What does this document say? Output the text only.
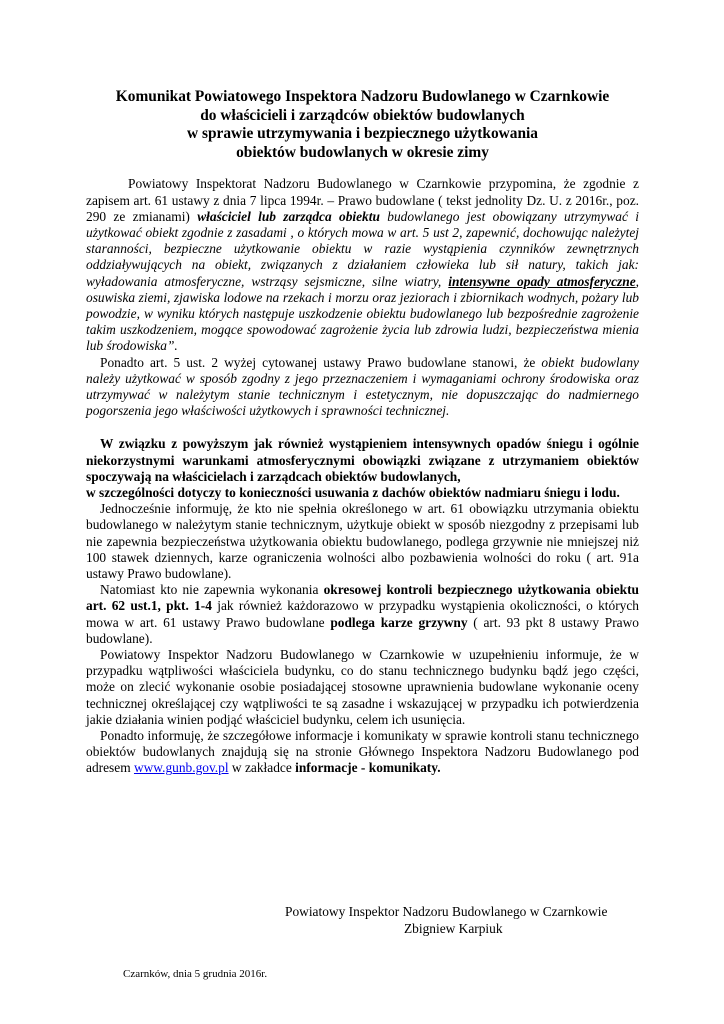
Komunikat Powiatowego Inspektora Nadzoru Budowlanego w Czarnkowie
do właścicieli i zarządców obiektów budowlanych
w sprawie utrzymywania i bezpiecznego użytkowania
obiektów budowlanych w okresie zimy

Powiatowy Inspektorat Nadzoru Budowlanego w Czarnkowie przypomina, że zgodnie z zapisem art. 61 ustawy z dnia 7 lipca 1994r. – Prawo budowlane ( tekst jednolity Dz. U. z 2016r., poz. 290 ze zmianami) właściciel lub zarządca obiektu budowlanego jest obowiązany utrzymywać i użytkować obiekt zgodnie z zasadami , o których mowa w art. 5 ust 2, zapewnić, dochowując należytej staranności, bezpieczne użytkowanie obiektu w razie wystąpienia czynników zewnętrznych oddziaływujących na obiekt, związanych z działaniem człowieka lub sił natury, takich jak: wyładowania atmosferyczne, wstrząsy sejsmiczne, silne wiatry, intensywne opady atmosferyczne, osuwiska ziemi, zjawiska lodowe na rzekach i morzu oraz jeziorach i zbiornikach wodnych, pożary lub powodzie, w wyniku których następuje uszkodzenie obiektu budowlanego lub bezpośrednie zagrożenie takim uszkodzeniem, mogące spowodować zagrożenie życia lub zdrowia ludzi, bezpieczeństwa mienia lub środowiska”.

Ponadto art. 5 ust. 2 wyżej cytowanej ustawy Prawo budowlane stanowi, że obiekt budowlany należy użytkować w sposób zgodny z jego przeznaczeniem i wymaganiami ochrony środowiska oraz utrzymywać w należytym stanie technicznym i estetycznym, nie dopuszczając do nadmiernego pogorszenia jego właściwości użytkowych i sprawności technicznej.

W związku z powyższym jak również wystąpieniem intensywnych opadów śniegu i ogólnie niekorzystnymi warunkami atmosferycznymi obowiązki związane z utrzymaniem obiektów spoczywają na właścicielach i zarządcach obiektów budowlanych,

w szczególności dotyczy to konieczności usuwania z dachów obiektów nadmiaru śniegu i lodu.

Jednocześnie informuję, że kto nie spełnia określonego w art. 61 obowiązku utrzymania obiektu budowlanego w należytym stanie technicznym, użytkuje obiekt w sposób niezgodny z przepisami lub nie zapewnia bezpieczeństwa użytkowania obiektu budowlanego, podlega grzywnie nie mniejszej niż 100 stawek dziennych, karze ograniczenia wolności albo pozbawienia wolności do roku ( art. 91a ustawy Prawo budowlane).

Natomiast kto nie zapewnia wykonania okresowej kontroli bezpiecznego użytkowania obiektu art. 62 ust.1, pkt. 1-4 jak również każdorazowo w przypadku wystąpienia okoliczności, o których mowa w art. 61 ustawy Prawo budowlane podlega karze grzywny ( art. 93 pkt 8 ustawy Prawo budowlane).

Powiatowy Inspektor Nadzoru Budowlanego w Czarnkowie w uzupełnieniu informuje, że w przypadku wątpliwości właściciela budynku, co do stanu technicznego budynku bądź jego części, może on zlecić wykonanie osobie posiadającej stosowne uprawnienia budowlane wykonanie oceny technicznej określającej czy wątpliwości te są zasadne i wskazującej w przypadku ich potwierdzenia jakie działania winien podjąć właściciel budynku, celem ich usunięcia.

Ponadto informuję, że szczegółowe informacje i komunikaty w sprawie kontroli stanu technicznego obiektów budowlanych znajdują się na stronie Głównego Inspektora Nadzoru Budowlanego pod adresem www.gunb.gov.pl w zakładce informacje - komunikaty.

Powiatowy Inspektor Nadzoru Budowlanego w Czarnkowie
Zbigniew Karpiuk
Czarnków, dnia 5 grudnia 2016r.
